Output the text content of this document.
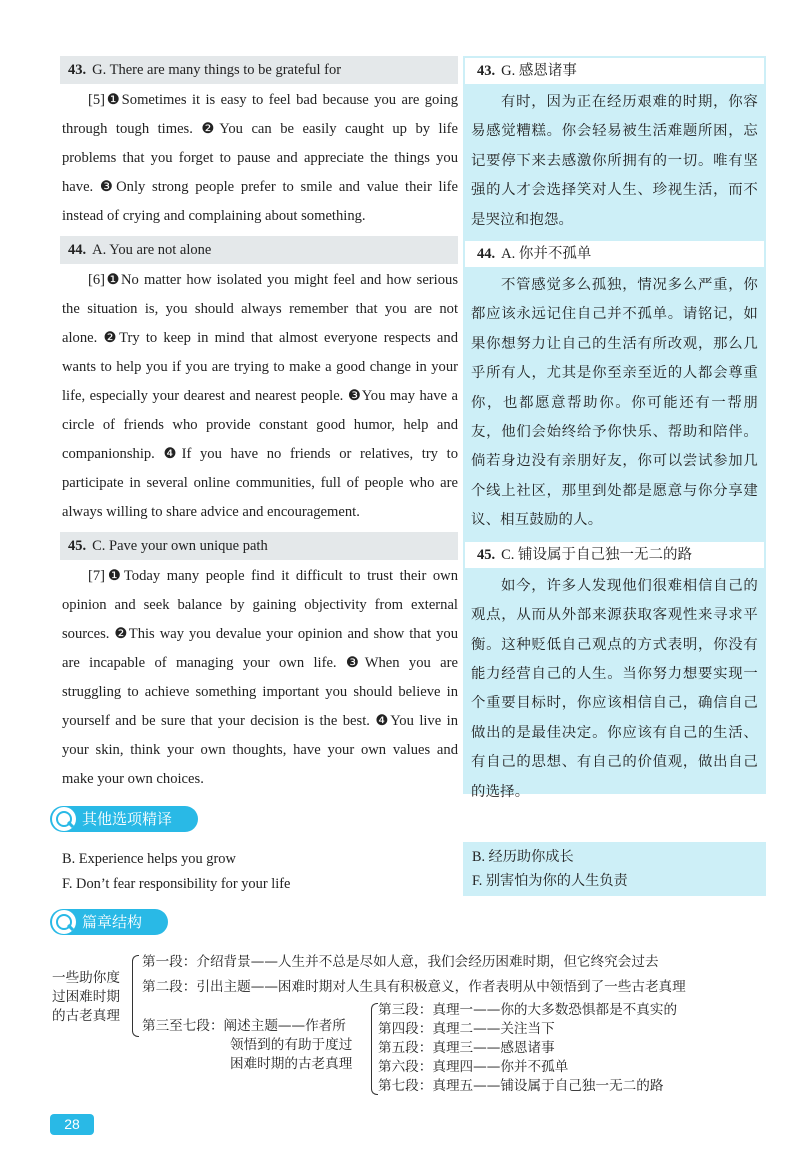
43. G. There are many things to be grateful for

[5]❶Sometimes it is easy to feel bad because you are going through tough times. ❷You can be easily caught up by life problems that you forget to pause and appreciate the things you have. ❸Only strong people prefer to smile and value their life instead of crying and complaining about something.

44. A. You are not alone

[6]❶No matter how isolated you might feel and how serious the situation is, you should always remember that you are not alone. ❷Try to keep in mind that almost everyone respects and wants to help you if you are trying to make a good change in your life, especially your dearest and nearest people. ❸You may have a circle of friends who provide constant good humor, help and companionship. ❹If you have no friends or relatives, try to participate in several online communities, full of people who are always willing to share advice and encouragement.

45. C. Pave your own unique path

[7]❶Today many people find it difficult to trust their own opinion and seek balance by gaining objectivity from external sources. ❷This way you devalue your opinion and show that you are incapable of managing your own life. ❸When you are struggling to achieve something important you should believe in yourself and be sure that your decision is the best. ❹You live in your skin, think your own thoughts, have your own values and make your own choices.

43. G. 感恩诸事

有时，因为正在经历艰难的时期，你容易感觉糟糕。你会轻易被生活难题所困，忘记要停下来去感激你所拥有的一切。唯有坚强的人才会选择笑对人生、珍视生活，而不是哭泣和抱怨。

44. A. 你并不孤单

不管感觉多么孤独，情况多么严重，你都应该永远记住自己并不孤单。请铭记，如果你想努力让自己的生活有所改观，那么几乎所有人，尤其是你至亲至近的人都会尊重你，也都愿意帮助你。你可能还有一帮朋友，他们会始终给予你快乐、帮助和陪伴。倘若身边没有亲朋好友，你可以尝试参加几个线上社区，那里到处都是愿意与你分享建议、相互鼓励的人。

45. C. 铺设属于自己独一无二的路

如今，许多人发现他们很难相信自己的观点，从而从外部来源获取客观性来寻求平衡。这种贬低自己观点的方式表明，你没有能力经营自己的人生。当你努力想要实现一个重要目标时，你应该相信自己，确信自己做出的是最佳决定。你应该有自己的生活、有自己的思想、有自己的价值观，做出自己的选择。

其他选项精译
B. Experience helps you grow
F. Don’t fear responsibility for your life
B. 经历助你成长
F. 别害怕为你的人生负责
篇章结构
一些助你度
过困难时期
的古老真理
第一段：介绍背景——人生并不总是尽如人意，我们会经历困难时期，但它终究会过去
第二段：引出主题——困难时期对人生具有积极意义，作者表明从中领悟到了一些古老真理
第三至七段：阐述主题——作者所
领悟到的有助于度过
困难时期的古老真理
第三段：真理一——你的大多数恐惧都是不真实的
第四段：真理二——关注当下
第五段：真理三——感恩诸事
第六段：真理四——你并不孤单
第七段：真理五——铺设属于自己独一无二的路
28
